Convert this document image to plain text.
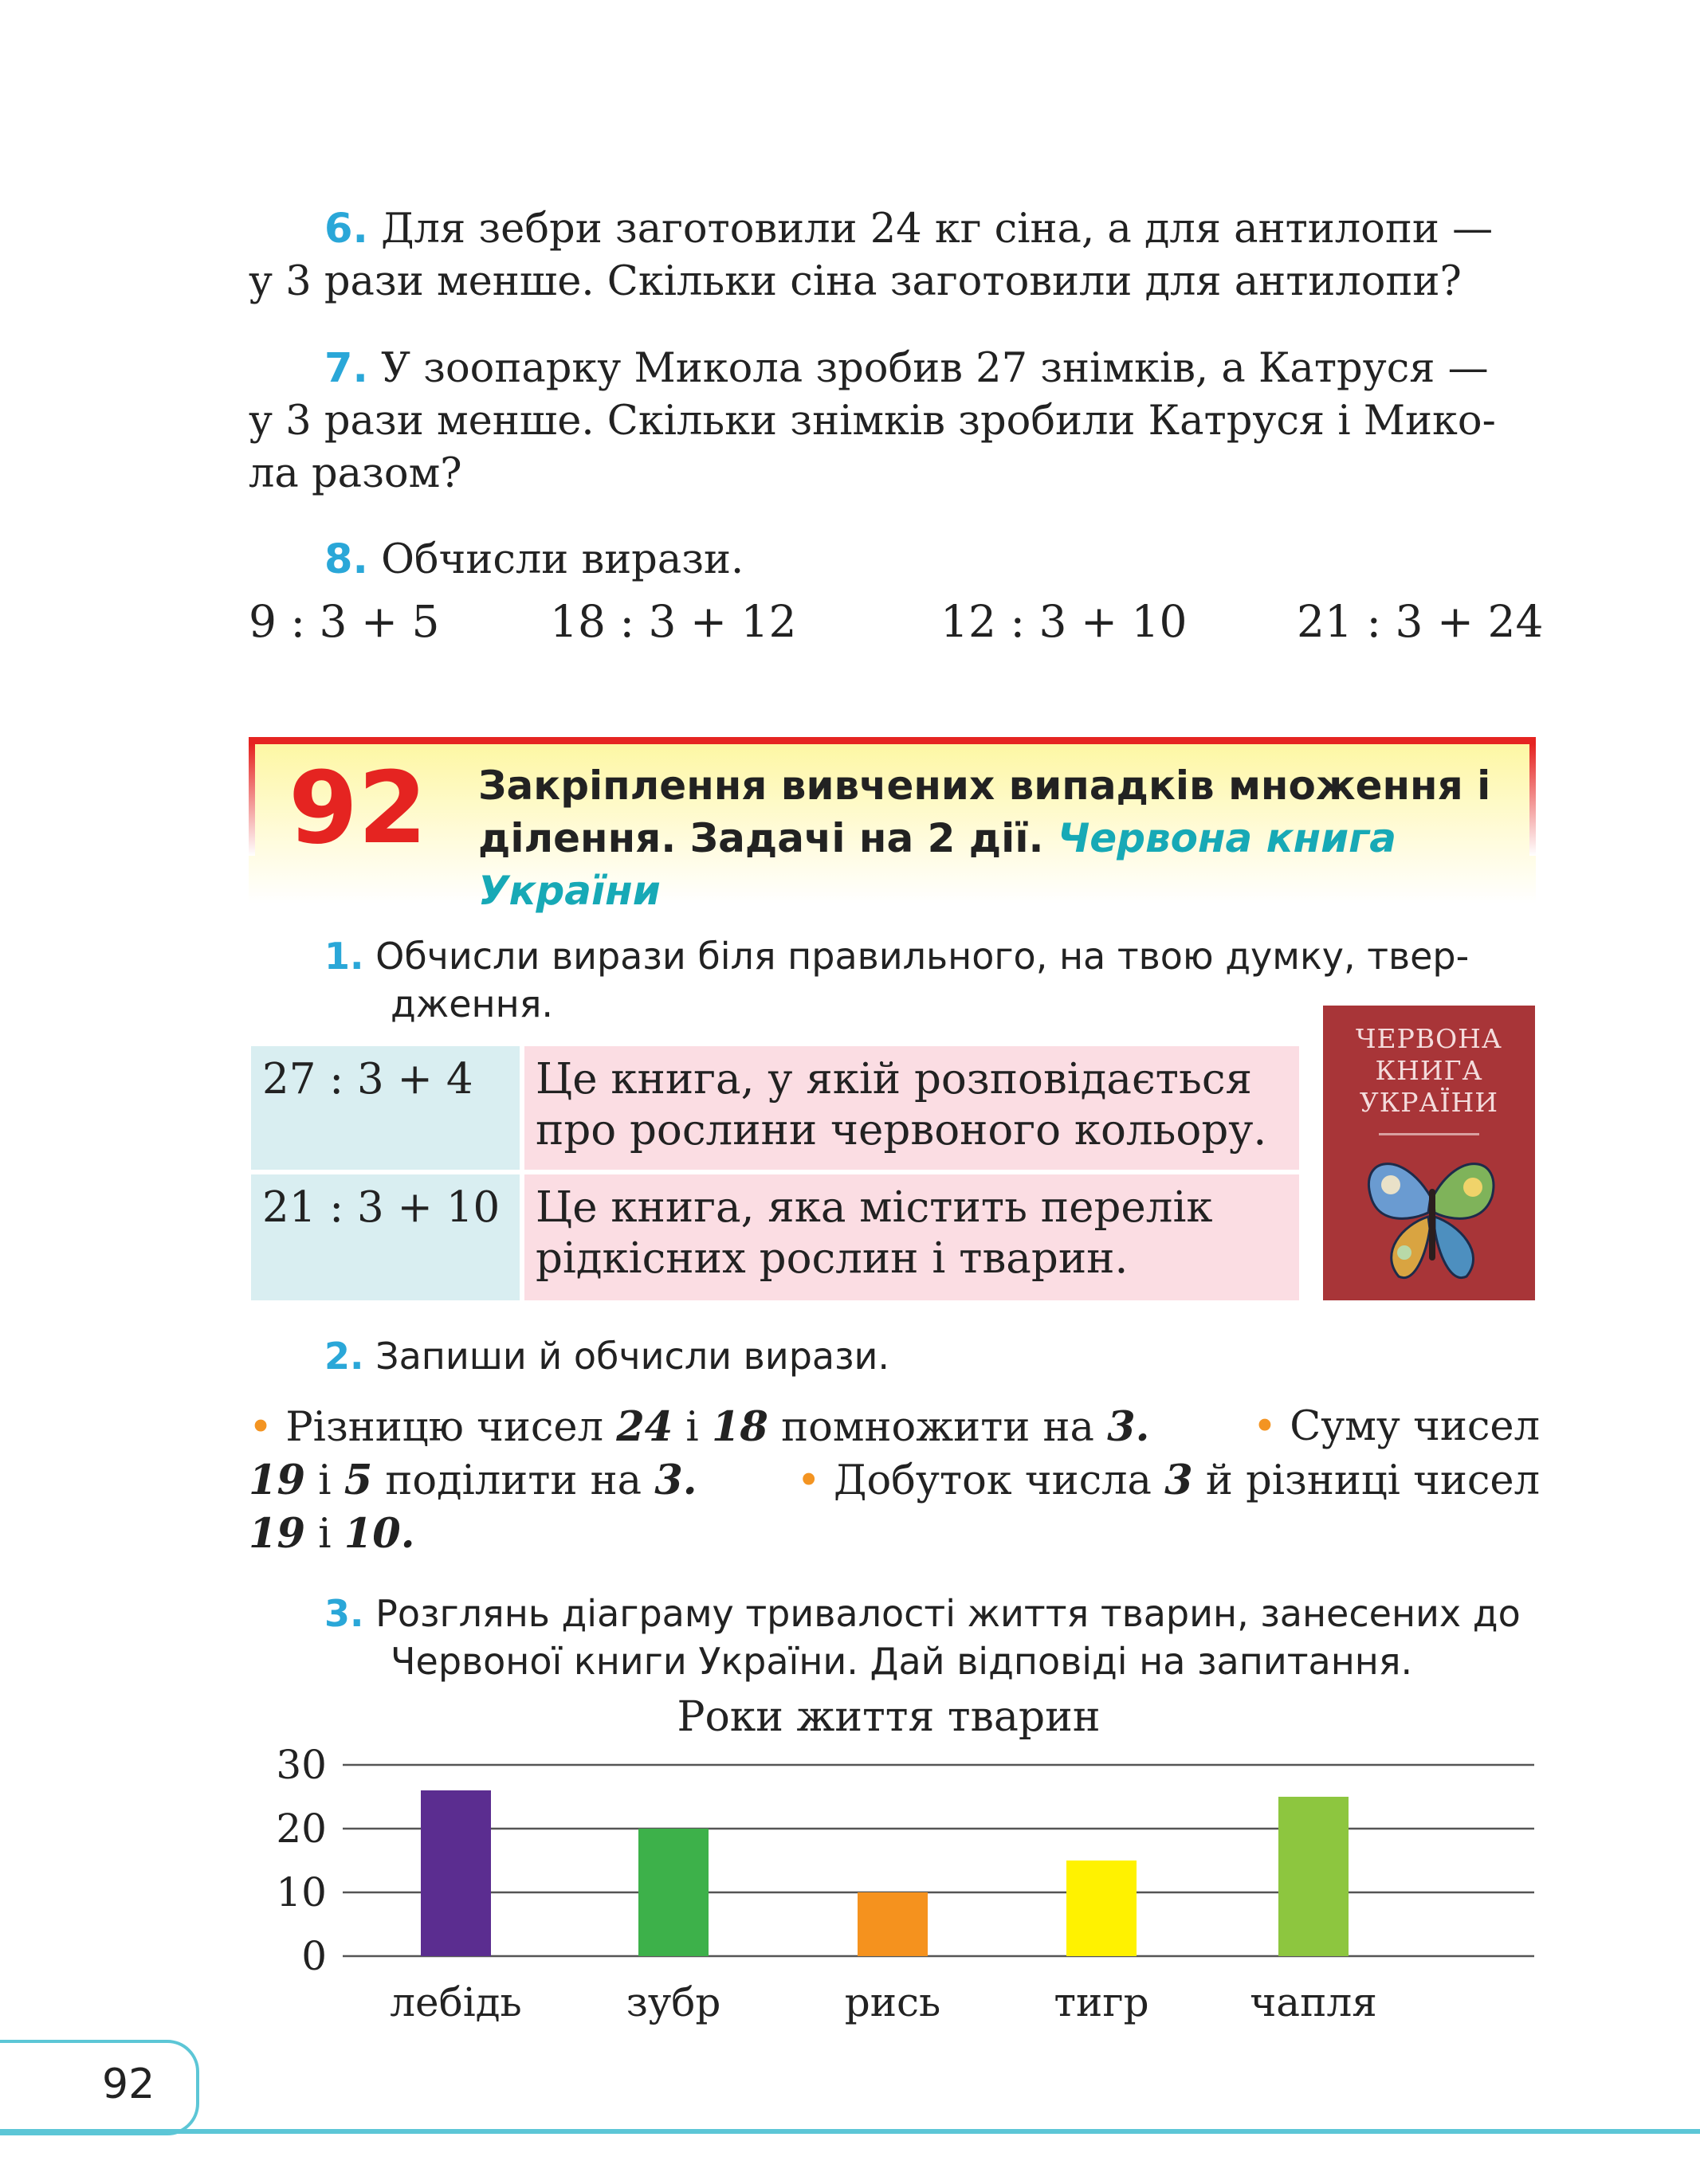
6. Для зебри заготовили 24 кг сіна, а для антилопи —
у 3 рази менше. Скільки сіна заготовили для антилопи?
7. У зоопарку Микола зробив 27 знімків, а Катруся —
у 3 рази менше. Скільки знімків зробили Катруся і Мико-
ла разом?
8. Обчисли вирази.
9 : 3 + 5	18 : 3 + 12	12 : 3 + 10 21 : 3 + 24
92 Закріплення вивчених випадків множення і
ділення. Задачі на 2 дії. Червона книга
України
1. Обчисли вирази біля правильного, на твою думку, твер-
дження.
27 : 3 + 4	Це книга, у якій розповідається
про рослини червоного кольору.
21 : 3 + 10 Це книга, яка містить перелік
рідкісних рослин і тварин.
ЧЕРВОНА
КНИГА
УКРАЇНИ
2. Запиши й обчисли вирази.
• Різницю чисел 24 і 18 помножити на 3.	• Суму чисел
19 і 5 поділити на 3. • Добуток числа 3 й різниці чисел
19 і 10.
3. Розглянь діаграму тривалості життя тварин, занесених до
Червоної книги України. Дай відповіді на запитання.
Роки життя тварин
0
10
20
30
лебідь	зубр	рись	тигр	чапля
92
